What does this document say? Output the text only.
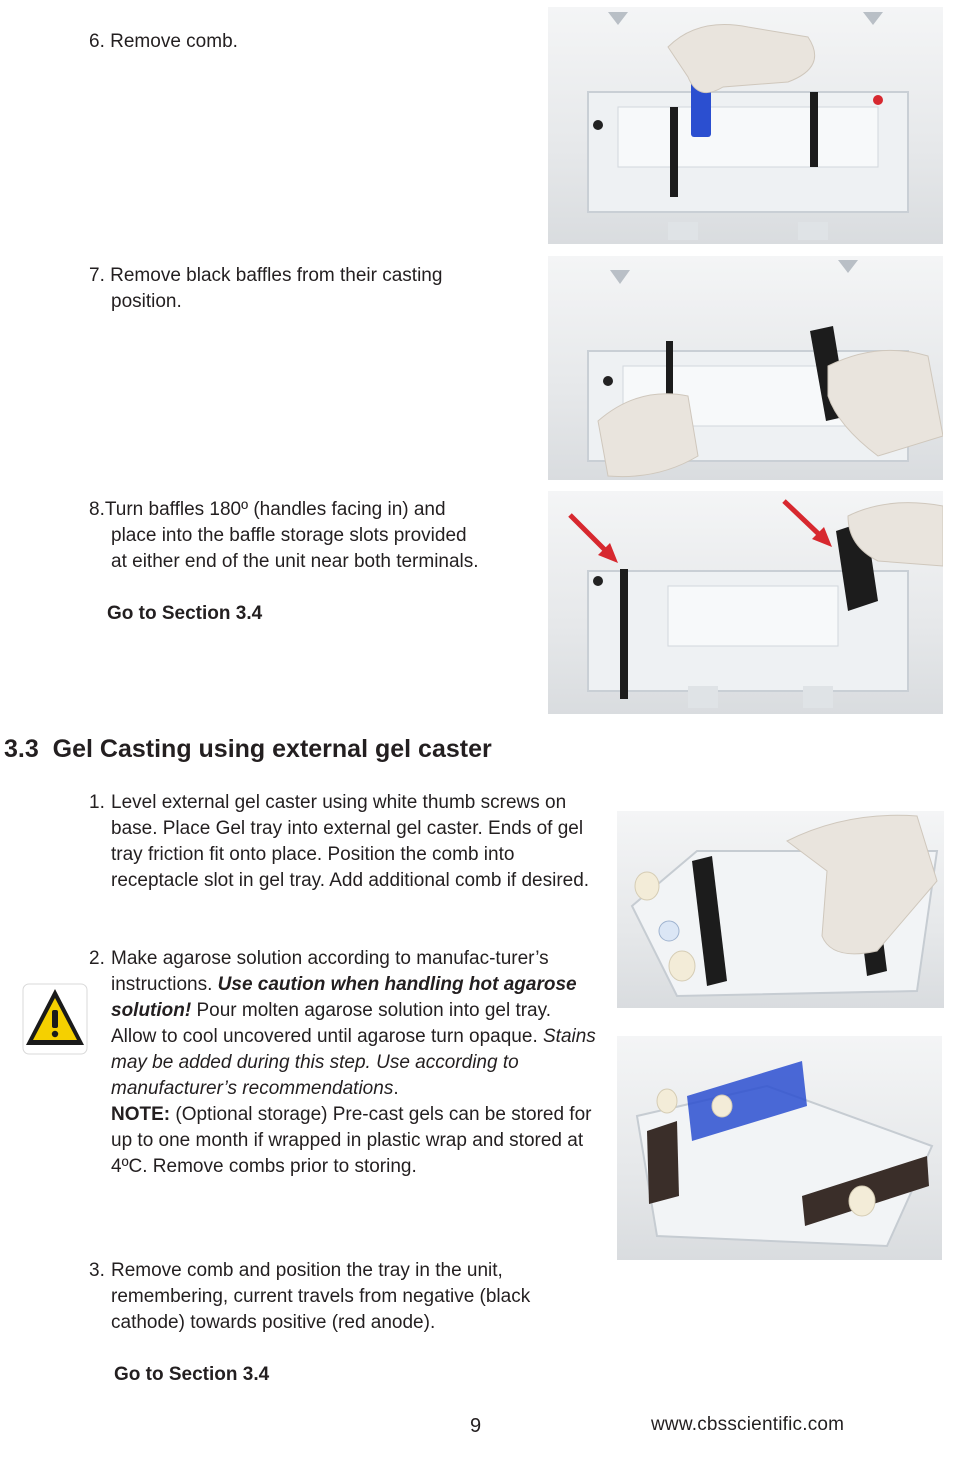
6. Remove comb.

7. Remove black baffles from their casting

position.

8.Turn baffles 180º (handles facing in) and

place into the baffle storage slots provided

at either end of the unit near both terminals.

Go to Section 3.4
3.3 Gel Casting using external gel caster
1. Level external gel caster using white thumb screws on base. Place Gel tray into external gel caster. Ends of gel tray friction fit onto place. Position the comb into receptacle slot in gel tray. Add additional comb if desired.
2. Make agarose solution according to manufac-turer’s instructions. Use caution when handling hot agarose solution! Pour molten agarose solution into gel tray. Allow to cool uncovered until agarose turn opaque. Stains may be added during this step. Use according to manufacturer’s recommendations.
NOTE: (Optional storage) Pre-cast gels can be stored for up to one month if wrapped in plastic wrap and stored at 4ºC. Remove combs prior to storing.
3. Remove comb and position the tray in the unit, remembering, current travels from negative (black cathode) towards positive (red anode).
Go to Section 3.4
9	www.cbsscientific.com
